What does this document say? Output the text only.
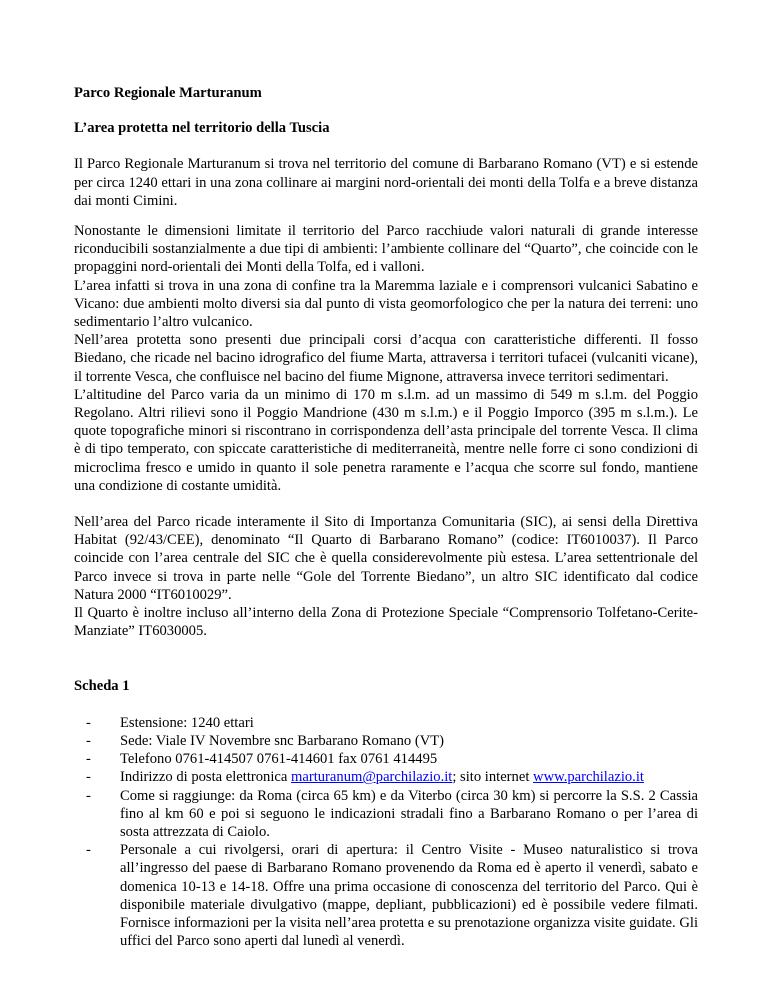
Parco Regionale Marturanum

L’area protetta nel territorio della Tuscia

Il Parco Regionale Marturanum si trova nel territorio del comune di Barbarano Romano (VT) e si estende per circa 1240 ettari in una zona collinare ai margini nord-orientali dei monti della Tolfa e a breve distanza dai monti Cimini.

Nonostante le dimensioni limitate il territorio del Parco racchiude valori naturali di grande interesse riconducibili sostanzialmente a due tipi di ambienti: l’ambiente collinare del “Quarto”, che coincide con le propaggini nord-orientali dei Monti della Tolfa, ed i valloni.

L’area infatti si trova in una zona di confine tra la Maremma laziale e i comprensori vulcanici Sabatino e Vicano: due ambienti molto diversi sia dal punto di vista geomorfologico che per la natura dei terreni: uno sedimentario l’altro vulcanico.

Nell’area protetta sono presenti due principali corsi d’acqua con caratteristiche differenti. Il fosso Biedano, che ricade nel bacino idrografico del fiume Marta, attraversa i territori tufacei (vulcaniti vicane), il torrente Vesca, che confluisce nel bacino del fiume Mignone, attraversa invece territori sedimentari.

L’altitudine del Parco varia da un minimo di 170 m s.l.m. ad un massimo di 549 m s.l.m. del Poggio Regolano. Altri rilievi sono il Poggio Mandrione (430 m s.l.m.) e il Poggio Imporco (395 m s.l.m.). Le quote topografiche minori si riscontrano in corrispondenza dell’asta principale del torrente Vesca. Il clima è di tipo temperato, con spiccate caratteristiche di mediterraneità, mentre nelle forre ci sono condizioni di microclima fresco e umido in quanto il sole penetra raramente e l’acqua che scorre sul fondo, mantiene una condizione di costante umidità.

Nell’area del Parco ricade interamente il Sito di Importanza Comunitaria (SIC), ai sensi della Direttiva Habitat (92/43/CEE), denominato “Il Quarto di Barbarano Romano” (codice: IT6010037). Il Parco coincide con l’area centrale del SIC che è quella considerevolmente più estesa. L’area settentrionale del Parco invece si trova in parte nelle “Gole del Torrente Biedano”, un altro SIC identificato dal codice Natura 2000 “IT6010029”.

Il Quarto è inoltre incluso all’interno della Zona di Protezione Speciale “Comprensorio Tolfetano-Cerite-Manziate” IT6030005.

Scheda 1

- Estensione: 1240 ettari
- Sede: Viale IV Novembre snc Barbarano Romano (VT)
- Telefono 0761-414507 0761-414601 fax 0761 414495
- Indirizzo di posta elettronica marturanum@parchilazio.it; sito internet www.parchilazio.it
- Come si raggiunge: da Roma (circa 65 km) e da Viterbo (circa 30 km) si percorre la S.S. 2 Cassia fino al km 60 e poi si seguono le indicazioni stradali fino a Barbarano Romano o per l’area di sosta attrezzata di Caiolo.
- Personale a cui rivolgersi, orari di apertura: il Centro Visite - Museo naturalistico si trova all’ingresso del paese di Barbarano Romano provenendo da Roma ed è aperto il venerdì, sabato e domenica 10-13 e 14-18. Offre una prima occasione di conoscenza del territorio del Parco. Qui è disponibile materiale divulgativo (mappe, depliant, pubblicazioni) ed è possibile vedere filmati. Fornisce informazioni per la visita nell’area protetta e su prenotazione organizza visite guidate. Gli uffici del Parco sono aperti dal lunedì al venerdì.
